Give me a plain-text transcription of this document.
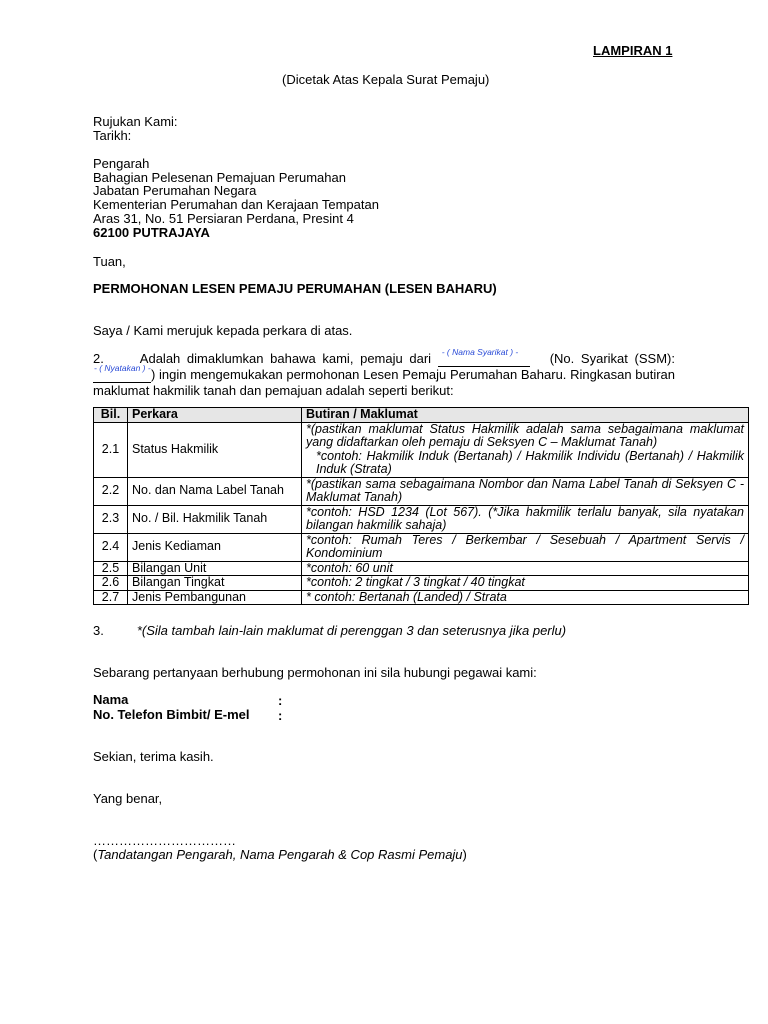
LAMPIRAN 1
(Dicetak Atas Kepala Surat Pemaju)
Rujukan Kami:
Tarikh:
Pengarah
Bahagian Pelesenan Pemajuan Perumahan
Jabatan Perumahan Negara
Kementerian Perumahan dan Kerajaan Tempatan
Aras 31, No. 51 Persiaran Perdana, Presint 4
62100 PUTRAJAYA
Tuan,
PERMOHONAN LESEN PEMAJU PERUMAHAN (LESEN BAHARU)
Saya / Kami merujuk kepada perkara di atas.
2.	Adalah dimaklumkan bahawa kami, pemaju dari - ( Nama Syarikat ) - (No. Syarikat (SSM):
- ( Nyatakan ) - ) ingin mengemukakan permohonan Lesen Pemaju Perumahan Baharu. Ringkasan butiran maklumat hakmilik tanah dan pemajuan adalah seperti berikut:
Bil.	Perkara	Butiran / Maklumat
2.1	Status Hakmilik	*(pastikan maklumat Status Hakmilik adalah sama sebagaimana maklumat yang didaftarkan oleh pemaju di Seksyen C – Maklumat Tanah)
*contoh: Hakmilik Induk (Bertanah) / Hakmilik Individu (Bertanah) / Hakmilik Induk (Strata)

2.2	No. dan Nama Label Tanah	*(pastikan sama sebagaimana Nombor dan Nama Label Tanah di Seksyen C -Maklumat Tanah)
2.3	No. / Bil. Hakmilik Tanah	*contoh: HSD 1234 (Lot 567). (*Jika hakmilik terlalu banyak, sila nyatakan bilangan hakmilik sahaja)
2.4	Jenis Kediaman	*contoh: Rumah Teres / Berkembar / Sesebuah / Apartment Servis / Kondominium
2.5	Bilangan Unit	*contoh: 60 unit
2.6	Bilangan Tingkat	*contoh: 2 tingkat / 3 tingkat / 40 tingkat
2.7	Jenis Pembangunan	* contoh: Bertanah (Landed) / Strata
3.	*(Sila tambah lain-lain maklumat di perenggan 3 dan seterusnya jika perlu)
Sebarang pertanyaan berhubung permohonan ini sila hubungi pegawai kami:
Nama	:
No. Telefon Bimbit/ E-mel :
Sekian, terima kasih.
Yang benar,
……………………………
(Tandatangan Pengarah, Nama Pengarah & Cop Rasmi Pemaju)
